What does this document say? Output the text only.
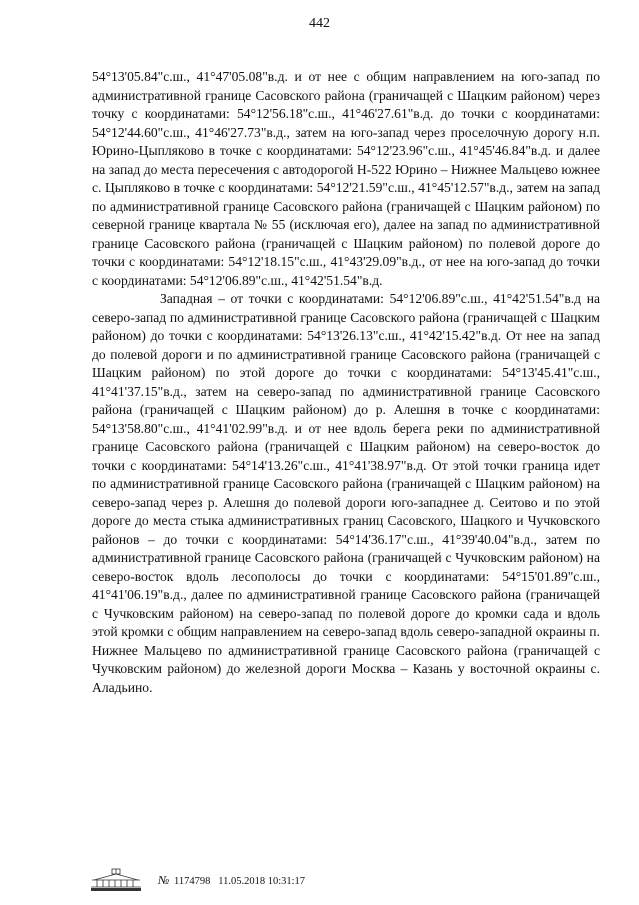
442

54°13'05.84"с.ш., 41°47'05.08"в.д. и от нее с общим направлением на юго-запад по административной границе Сасовского района (граничащей с Шацким районом) через точку с координатами: 54°12'56.18"с.ш., 41°46'27.61"в.д. до точки с координатами: 54°12'44.60"с.ш., 41°46'27.73"в.д., затем на юго-запад через проселочную дорогу н.п. Юрино-Цыпляково в точке с координатами: 54°12'23.96"с.ш., 41°45'46.84"в.д. и далее на запад до места пересечения с автодорогой Н-522 Юрино – Нижнее Мальцево южнее с. Цыпляково в точке с координатами: 54°12'21.59"с.ш., 41°45'12.57"в.д., затем на запад по административной границе Сасовского района (граничащей с Шацким районом) по северной границе квартала № 55 (исключая его), далее на запад по административной границе Сасовского района (граничащей с Шацким районом) по полевой дороге до точки с координатами: 54°12'18.15"с.ш., 41°43'29.09"в.д., от нее на юго-запад до точки с координатами: 54°12'06.89"с.ш., 41°42'51.54"в.д.

Западная – от точки с координатами: 54°12'06.89"с.ш., 41°42'51.54"в.д на северо-запад по административной границе Сасовского района (граничащей с Шацким районом) до точки с координатами: 54°13'26.13"с.ш., 41°42'15.42"в.д. От нее на запад до полевой дороги и по административной границе Сасовского района (граничащей с Шацким районом) по этой дороге до точки с координатами: 54°13'45.41"с.ш., 41°41'37.15"в.д., затем на северо-запад по административной границе Сасовского района (граничащей с Шацким районом) до р. Алешня в точке с координатами: 54°13'58.80"с.ш., 41°41'02.99"в.д. и от нее вдоль берега реки по административной границе Сасовского района (граничащей с Шацким районом) на северо-восток до точки с координатами: 54°14'13.26"с.ш., 41°41'38.97"в.д. От этой точки граница идет по административной границе Сасовского района (граничащей с Шацким районом) на северо-запад через р. Алешня до полевой дороги юго-западнее д. Сеитово и по этой дороге до места стыка административных границ Сасовского, Шацкого и Чучковского районов – до точки с координатами: 54°14'36.17"с.ш., 41°39'40.04"в.д., затем по административной границе Сасовского района (граничащей с Чучковским районом) на северо-восток вдоль лесополосы до точки с координатами: 54°15'01.89"с.ш., 41°41'06.19"в.д., далее по административной границе Сасовского района (граничащей с Чучковским районом) на северо-запад по полевой дороге до кромки сада и вдоль этой кромки с общим направлением на северо-запад вдоль северо-западной окраины п. Нижнее Мальцево по административной границе Сасовского района (граничащей с Чучковским районом) до железной дороги Москва – Казань у восточной окраины с. Аладьино.

№ 1174798 11.05.2018 10:31:17
